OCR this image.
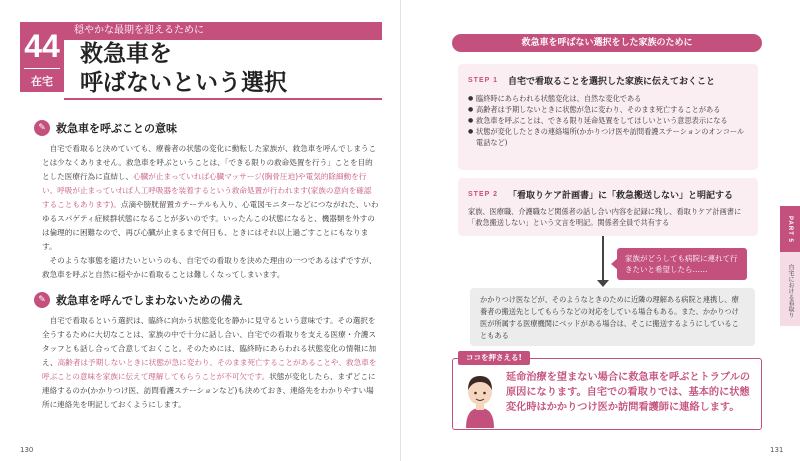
44
在宅
穏やかな最期を迎えるために
救急車を
呼ばないという選択
✎ 救急車を呼ぶことの意味

自宅で看取ると決めていても、療養者の状態の変化に動転した家族が、救急車を呼んでしまうことは少なくありません。救急車を呼ぶということは、「できる限りの救命処置を行う」ことを目的とした医療行為に直結し、心臓が止まっていれば心臓マッサージ(胸骨圧迫)や電気的除細動を行い、呼吸が止まっていれば人工呼吸器を装着するという救命処置が行われます(家族の意向を確認することもあります)。点滴や膀胱留置カテーテルも入り、心電図モニターなどにつながれた、いわゆるスパゲティ症候群状態になることが多いのです。いったんこの状態になると、機器類を外すのは倫理的に困難なので、再び心臓が止まるまで何日も、ときにはそれ以上過ごすことにもなります。

そのような事態を避けたいというのも、自宅での看取りを決めた理由の一つであるはずですが、救急車を呼ぶと自然に穏やかに看取ることは難しくなってしまいます。

✎ 救急車を呼んでしまわないための備え

自宅で看取るという選択は、臨終に向かう状態変化を静かに見守るという意味です。その選択を全うするために大切なことは、家族の中で十分に話し合い、自宅での看取りを支える医療・介護スタッフとも話し合って合意しておくこと。そのためには、臨終時にあらわれる状態変化の情報に加え、高齢者は予期しないときに状態が急に変わり、そのまま死亡することがあることや、救急車を呼ぶことの意味を家族に伝えて理解してもらうことが不可欠です。状態が変化したら、まずどこに連絡するのか(かかりつけ医、訪問看護ステーションなど)も決めておき、連絡先をわかりやすい場所に連絡先を明記しておくようにします。

130
救急車を呼ばない選択をした家族のために
STEP 1 自宅で看取ることを選択した家族に伝えておくこと
● 臨終時にあらわれる状態変化は、自然な変化である
● 高齢者は予期しないときに状態が急に変わり、そのまま死亡することがある
● 救急車を呼ぶことは、できる限り延命処置をしてほしいという意思表示になる
● 状態が変化したときの連絡場所(かかりつけ医や訪問看護ステーションのオンコール電話など)
STEP 2 「看取りケア計画書」に「救急搬送しない」と明記する
家族、医療職、介護職など関係者の話し合い内容を記録に残し、看取りケア計画書に「救急搬送しない」という文言を明記。関係者全員で共有する
家族がどうしても病院に連れて行きたいと希望したら……
かかりつけ医などが、そのようなときのために近隣の理解ある病院と連携し、療養者の搬送先としてもらうなどの対応をしている場合もある。また、かかりつけ医が所属する医療機関にベッドがある場合は、そこに搬送するようにしていることもある
ココを押さえる!
延命治療を望まない場合に救急車を呼ぶとトラブルの原因になります。自宅での看取りでは、基本的に状態変化時はかかりつけ医か訪問看護師に連絡します。
PART 5
自宅における看取り
131
